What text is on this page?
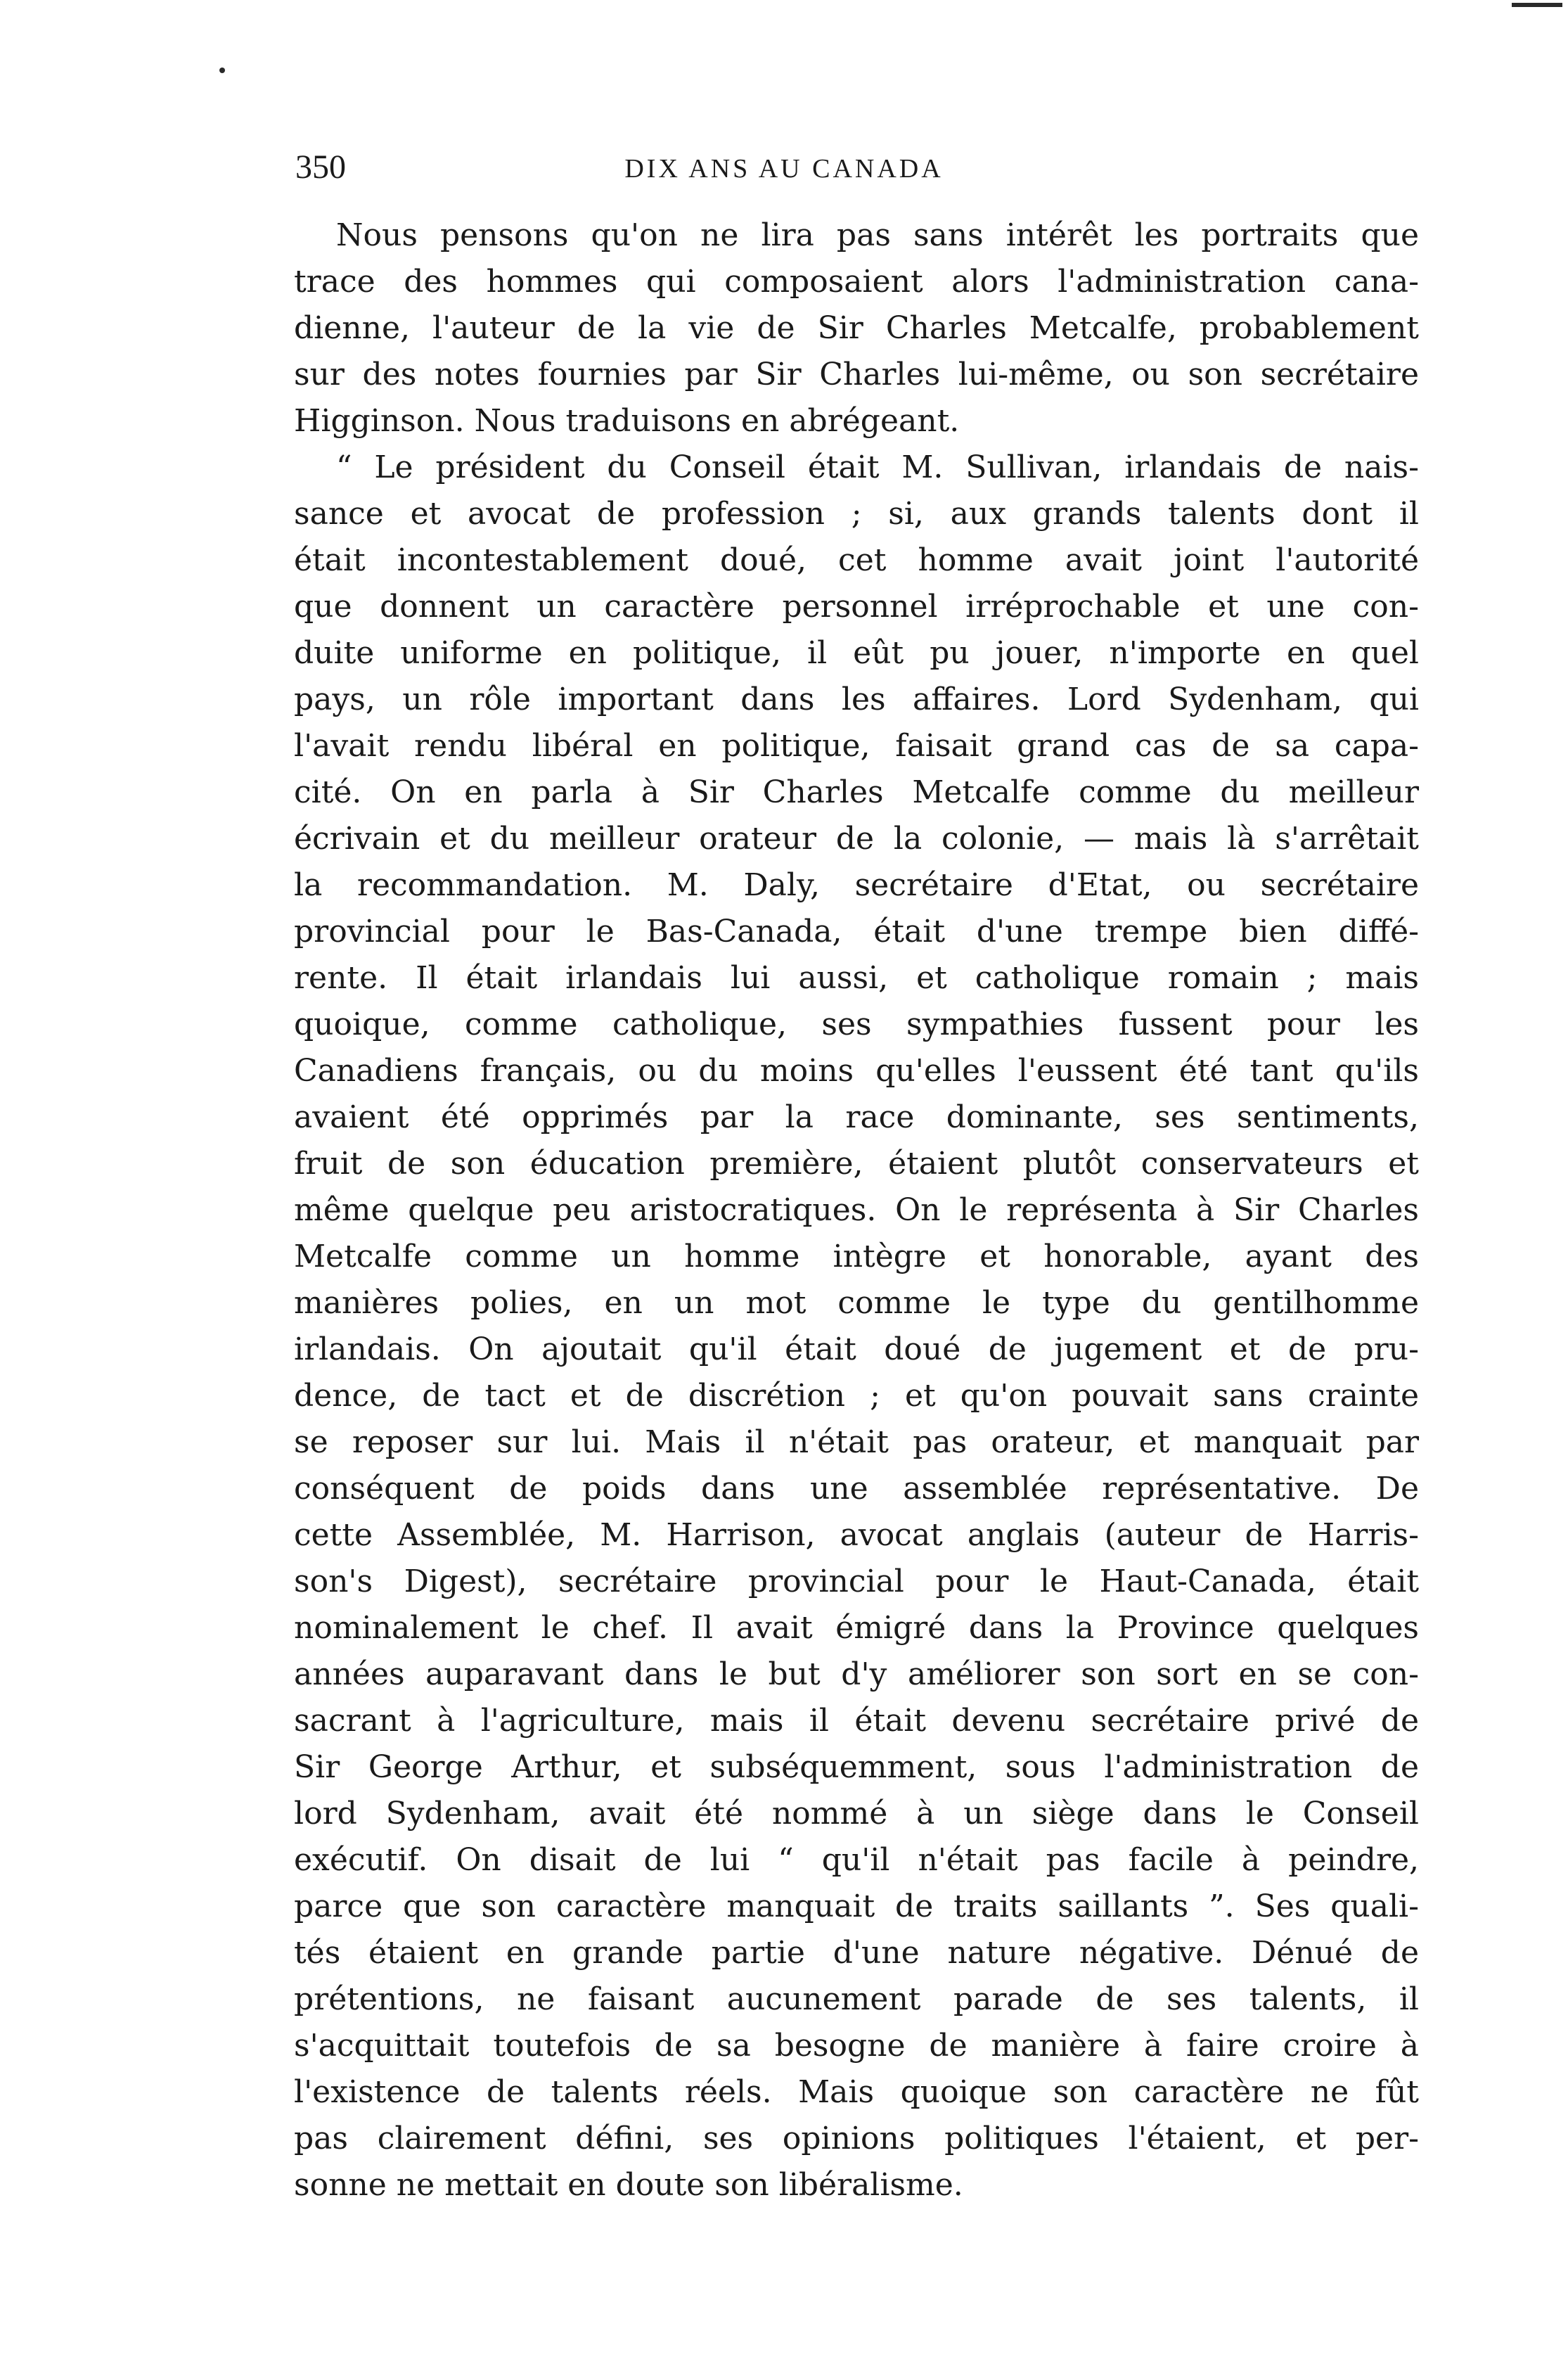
350	DIX ANS AU CANADA
Nous pensons qu'on ne lira pas sans intérêt les portraits que
trace des hommes qui composaient alors l'administration cana-
dienne, l'auteur de la vie de Sir Charles Metcalfe, probablement
sur des notes fournies par Sir Charles lui-même, ou son secrétaire
Higginson. Nous traduisons en abrégeant.
“ Le président du Conseil était M. Sullivan, irlandais de nais-
sance et avocat de profession ; si, aux grands talents dont il
était incontestablement doué, cet homme avait joint l'autorité
que donnent un caractère personnel irréprochable et une con-
duite uniforme en politique, il eût pu jouer, n'importe en quel
pays, un rôle important dans les affaires. Lord Sydenham, qui
l'avait rendu libéral en politique, faisait grand cas de sa capa-
cité. On en parla à Sir Charles Metcalfe comme du meilleur
écrivain et du meilleur orateur de la colonie, — mais là s'arrêtait
la recommandation. M. Daly, secrétaire d'Etat, ou secrétaire
provincial pour le Bas-Canada, était d'une trempe bien diffé-
rente. Il était irlandais lui aussi, et catholique romain ; mais
quoique, comme catholique, ses sympathies fussent pour les
Canadiens français, ou du moins qu'elles l'eussent été tant qu'ils
avaient été opprimés par la race dominante, ses sentiments,
fruit de son éducation première, étaient plutôt conservateurs et
même quelque peu aristocratiques. On le représenta à Sir Charles
Metcalfe comme un homme intègre et honorable, ayant des
manières polies, en un mot comme le type du gentilhomme
irlandais. On ajoutait qu'il était doué de jugement et de pru-
dence, de tact et de discrétion ; et qu'on pouvait sans crainte
se reposer sur lui. Mais il n'était pas orateur, et manquait par
conséquent de poids dans une assemblée représentative. De
cette Assemblée, M. Harrison, avocat anglais (auteur de Harris-
son's Digest), secrétaire provincial pour le Haut-Canada, était
nominalement le chef. Il avait émigré dans la Province quelques
années auparavant dans le but d'y améliorer son sort en se con-
sacrant à l'agriculture, mais il était devenu secrétaire privé de
Sir George Arthur, et subséquemment, sous l'administration de
lord Sydenham, avait été nommé à un siège dans le Conseil
exécutif. On disait de lui “ qu'il n'était pas facile à peindre,
parce que son caractère manquait de traits saillants ”. Ses quali-
tés étaient en grande partie d'une nature négative. Dénué de
prétentions, ne faisant aucunement parade de ses talents, il
s'acquittait toutefois de sa besogne de manière à faire croire à
l'existence de talents réels. Mais quoique son caractère ne fût
pas clairement défini, ses opinions politiques l'étaient, et per-
sonne ne mettait en doute son libéralisme.
